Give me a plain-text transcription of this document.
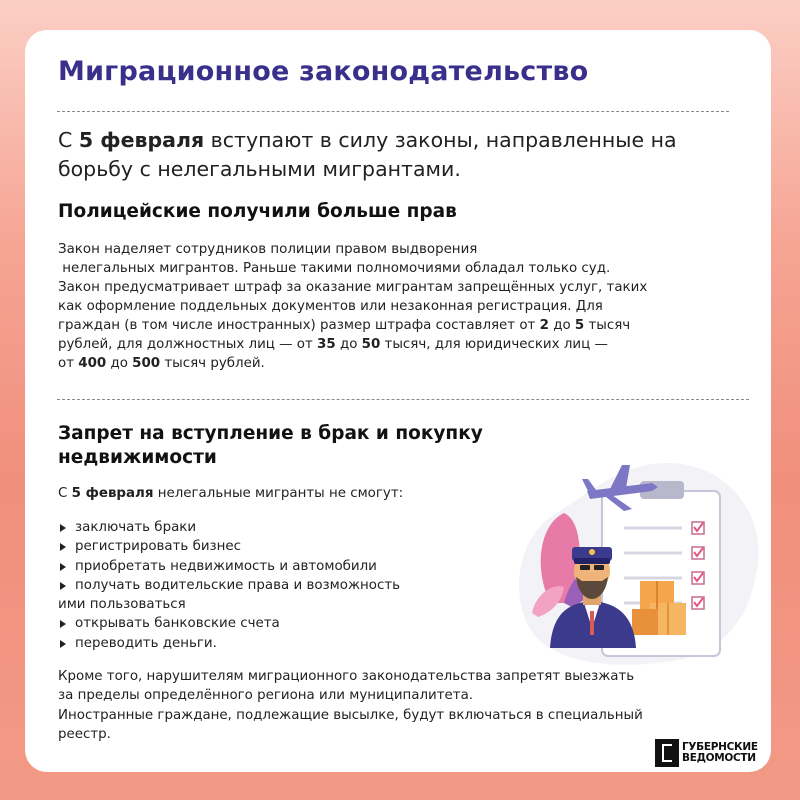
Миграционное законодательство

С 5 февраля вступают в силу законы, направленные на борьбу с нелегальными мигрантами.

Полицейские получили больше прав
Закон наделяет сотрудников полиции правом выдворения
нелегальных мигрантов. Раньше такими полномочиями обладал только суд.
Закон предусматривает штраф за оказание мигрантам запрещённых услуг, таких
как оформление поддельных документов или незаконная регистрация. Для
граждан (в том числе иностранных) размер штрафа составляет от 2 до 5 тысяч
рублей, для должностных лиц — от 35 до 50 тысяч, для юридических лиц —
от 400 до 500 тысяч рублей.
Запрет на вступление в брак и покупку
недвижимости
С 5 февраля нелегальные мигранты не смогут:
заключать браки
регистрировать бизнес
приобретать недвижимость и автомобили
получать водительские права и возможность
ими пользоваться
открывать банковские счета
переводить деньги.
Кроме того, нарушителям миграционного законодательства запретят выезжать
за пределы определённого региона или муниципалитета.
Иностранные граждане, подлежащие высылке, будут включаться в специальный
реестр.
ГУБЕРНСКИЕ
ВЕДОМОСТИ
